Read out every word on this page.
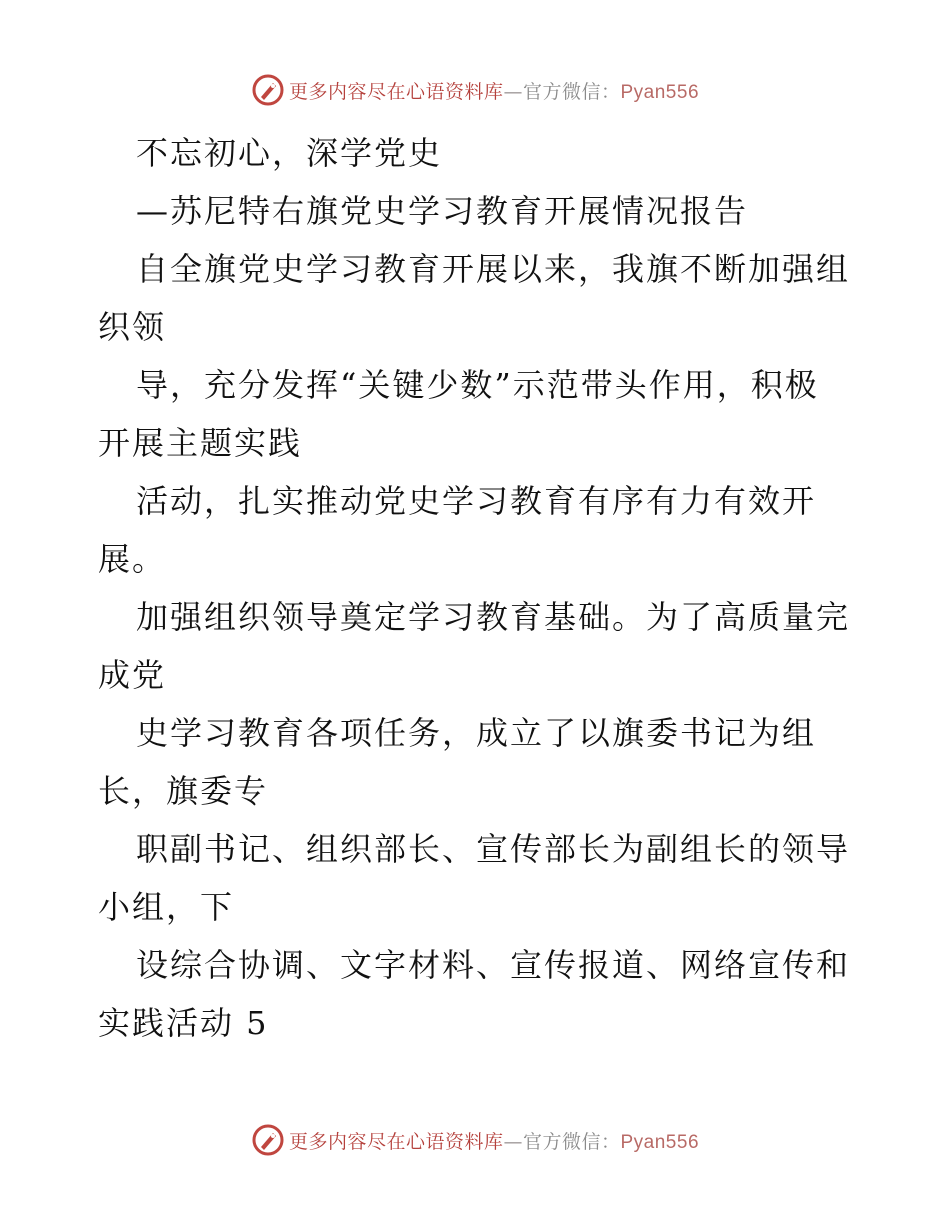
更多内容尽在心语资料库—官方微信：Pyan556
不忘初心，深学党史
—苏尼特右旗党史学习教育开展情况报告
自全旗党史学习教育开展以来，我旗不断加强组
织领
导，充分发挥“关键少数”示范带头作用，积极
开展主题实践
活动，扎实推动党史学习教育有序有力有效开
展。
加强组织领导奠定学习教育基础。为了高质量完
成党
史学习教育各项任务，成立了以旗委书记为组
长，旗委专
职副书记、组织部长、宣传部长为副组长的领导
小组，下
设综合协调、文字材料、宣传报道、网络宣传和
实践活动 5
更多内容尽在心语资料库—官方微信：Pyan556
